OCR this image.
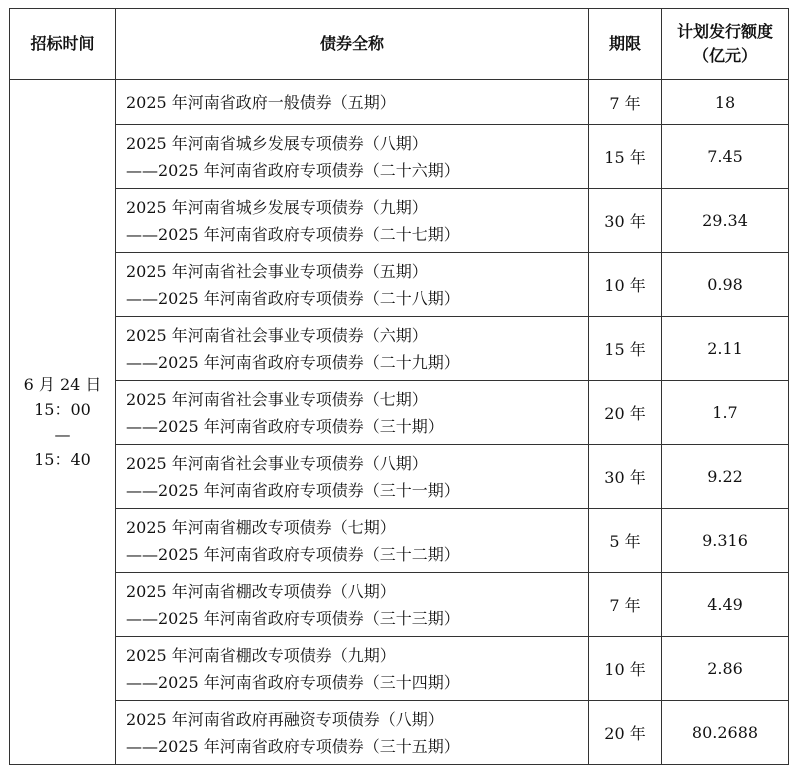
招标时间	债券全称	期限	计划发行额度
（亿元）

6 月 24 日
15：00
—
15：40	2025 年河南省政府一般债券（五期）	7 年	18

	2025 年河南省城乡发展专项债券（八期）
——2025 年河南省政府专项债券（二十六期）	15 年	7.45

	2025 年河南省城乡发展专项债券（九期）
——2025 年河南省政府专项债券（二十七期）	30 年	29.34

	2025 年河南省社会事业专项债券（五期）
——2025 年河南省政府专项债券（二十八期）	10 年	0.98

	2025 年河南省社会事业专项债券（六期）
——2025 年河南省政府专项债券（二十九期）	15 年	2.11

	2025 年河南省社会事业专项债券（七期）
——2025 年河南省政府专项债券（三十期）	20 年	1.7

	2025 年河南省社会事业专项债券（八期）
——2025 年河南省政府专项债券（三十一期）	30 年	9.22

	2025 年河南省棚改专项债券（七期）
——2025 年河南省政府专项债券（三十二期）	5 年	9.316

	2025 年河南省棚改专项债券（八期）
——2025 年河南省政府专项债券（三十三期）	7 年	4.49

	2025 年河南省棚改专项债券（九期）
——2025 年河南省政府专项债券（三十四期）	10 年	2.86

	2025 年河南省政府再融资专项债券（八期）
——2025 年河南省政府专项债券（三十五期）	20 年	80.2688
